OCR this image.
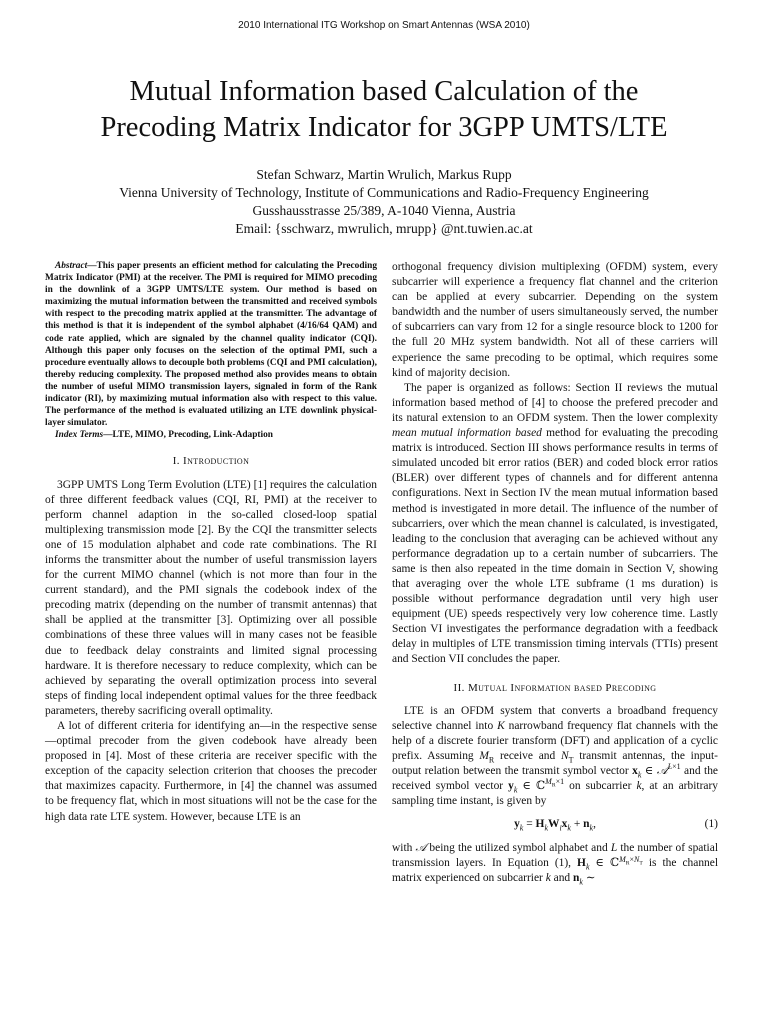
2010 International ITG Workshop on Smart Antennas (WSA 2010)
Mutual Information based Calculation of the
Precoding Matrix Indicator for 3GPP UMTS/LTE
Stefan Schwarz, Martin Wrulich, Markus Rupp
Vienna University of Technology, Institute of Communications and Radio-Frequency Engineering
Gusshausstrasse 25/389, A-1040 Vienna, Austria
Email: {sschwarz, mwrulich, mrupp} @nt.tuwien.ac.at

Abstract—This paper presents an efficient method for calculating the Precoding Matrix Indicator (PMI) at the receiver. The PMI is required for MIMO precoding in the downlink of a 3GPP UMTS/LTE system. Our method is based on maximizing the mutual information between the transmitted and received symbols with respect to the precoding matrix applied at the transmitter. The advantage of this method is that it is independent of the symbol alphabet (4/16/64 QAM) and code rate applied, which are signaled by the channel quality indicator (CQI). Although this paper only focuses on the selection of the optimal PMI, such a procedure eventually allows to decouple both problems (CQI and PMI calculation), thereby reducing complexity. The proposed method also provides means to obtain the number of useful MIMO transmission layers, signaled in form of the Rank indicator (RI), by maximizing mutual information also with respect to this value. The performance of the method is evaluated utilizing an LTE downlink physical-layer simulator.

Index Terms—LTE, MIMO, Precoding, Link-Adaption

I. Introduction

3GPP UMTS Long Term Evolution (LTE) [1] requires the calculation of three different feedback values (CQI, RI, PMI) at the receiver to perform channel adaption in the so-called closed-loop spatial multiplexing transmission mode [2]. By the CQI the transmitter selects one of 15 modulation alphabet and code rate combinations. The RI informs the transmitter about the number of useful transmission layers for the current MIMO channel (which is not more than four in the current standard), and the PMI signals the codebook index of the precoding matrix (depending on the number of transmit antennas) that shall be applied at the transmitter [3]. Optimizing over all possible combinations of these three values will in many cases not be feasible due to feedback delay constraints and limited signal processing hardware. It is therefore necessary to reduce complexity, which can be achieved by separating the overall optimization process into several steps of finding local independent optimal values for the three feedback parameters, thereby sacrificing overall optimality.

A lot of different criteria for identifying an—in the respective sense—optimal precoder from the given codebook have already been proposed in [4]. Most of these criteria are receiver specific with the exception of the capacity selection criterion that chooses the precoder that maximizes capacity. Furthermore, in [4] the channel was assumed to be frequency flat, which in most situations will not be the case for the high data rate LTE system. However, because LTE is an

orthogonal frequency division multiplexing (OFDM) system, every subcarrier will experience a frequency flat channel and the criterion can be applied at every subcarrier. Depending on the system bandwidth and the number of users simultaneously served, the number of subcarriers can vary from 12 for a single resource block to 1200 for the full 20 MHz system bandwidth. Not all of these carriers will experience the same precoding to be optimal, which requires some kind of majority decision.

The paper is organized as follows: Section II reviews the mutual information based method of [4] to choose the prefered precoder and its natural extension to an OFDM system. Then the lower complexity mean mutual information based method for evaluating the precoding matrix is introduced. Section III shows performance results in terms of simulated uncoded bit error ratios (BER) and coded block error ratios (BLER) over different types of channels and for different antenna configurations. Next in Section IV the mean mutual information based method is investigated in more detail. The influence of the number of subcarriers, over which the mean channel is calculated, is investigated, leading to the conclusion that averaging can be achieved without any performance degradation up to a certain number of subcarriers. The same is then also repeated in the time domain in Section V, showing that averaging over the whole LTE subframe (1 ms duration) is possible without performance degradation until very high user equipment (UE) speeds respectively very low coherence time. Lastly Section VI investigates the performance degradation with a feedback delay in multiples of LTE transmission timing intervals (TTIs) present and Section VII concludes the paper.

II. Mutual Information based Precoding

LTE is an OFDM system that converts a broadband frequency selective channel into K narrowband frequency flat channels with the help of a discrete fourier transform (DFT) and application of a cyclic prefix. Assuming $M_R$ receive and $N_T$ transmit antennas, the input-output relation between the transmit symbol vector $x_k$ ∈ 𝒜$^{L\times 1}$ and the received symbol vector $y_k$ ∈ ℂ$^{M_R\times 1}$ on subcarrier k, at an arbitrary sampling time instant, is given by

$y_k = H_kW_ix_k + n_k$,	(1)

with 𝒜 being the utilized symbol alphabet and L the number of spatial transmission layers. In Equation (1), $H_k$ ∈ ℂ$^{M_R\times N_T}$ is the channel matrix experienced on subcarrier k and $n_k$ ∼
